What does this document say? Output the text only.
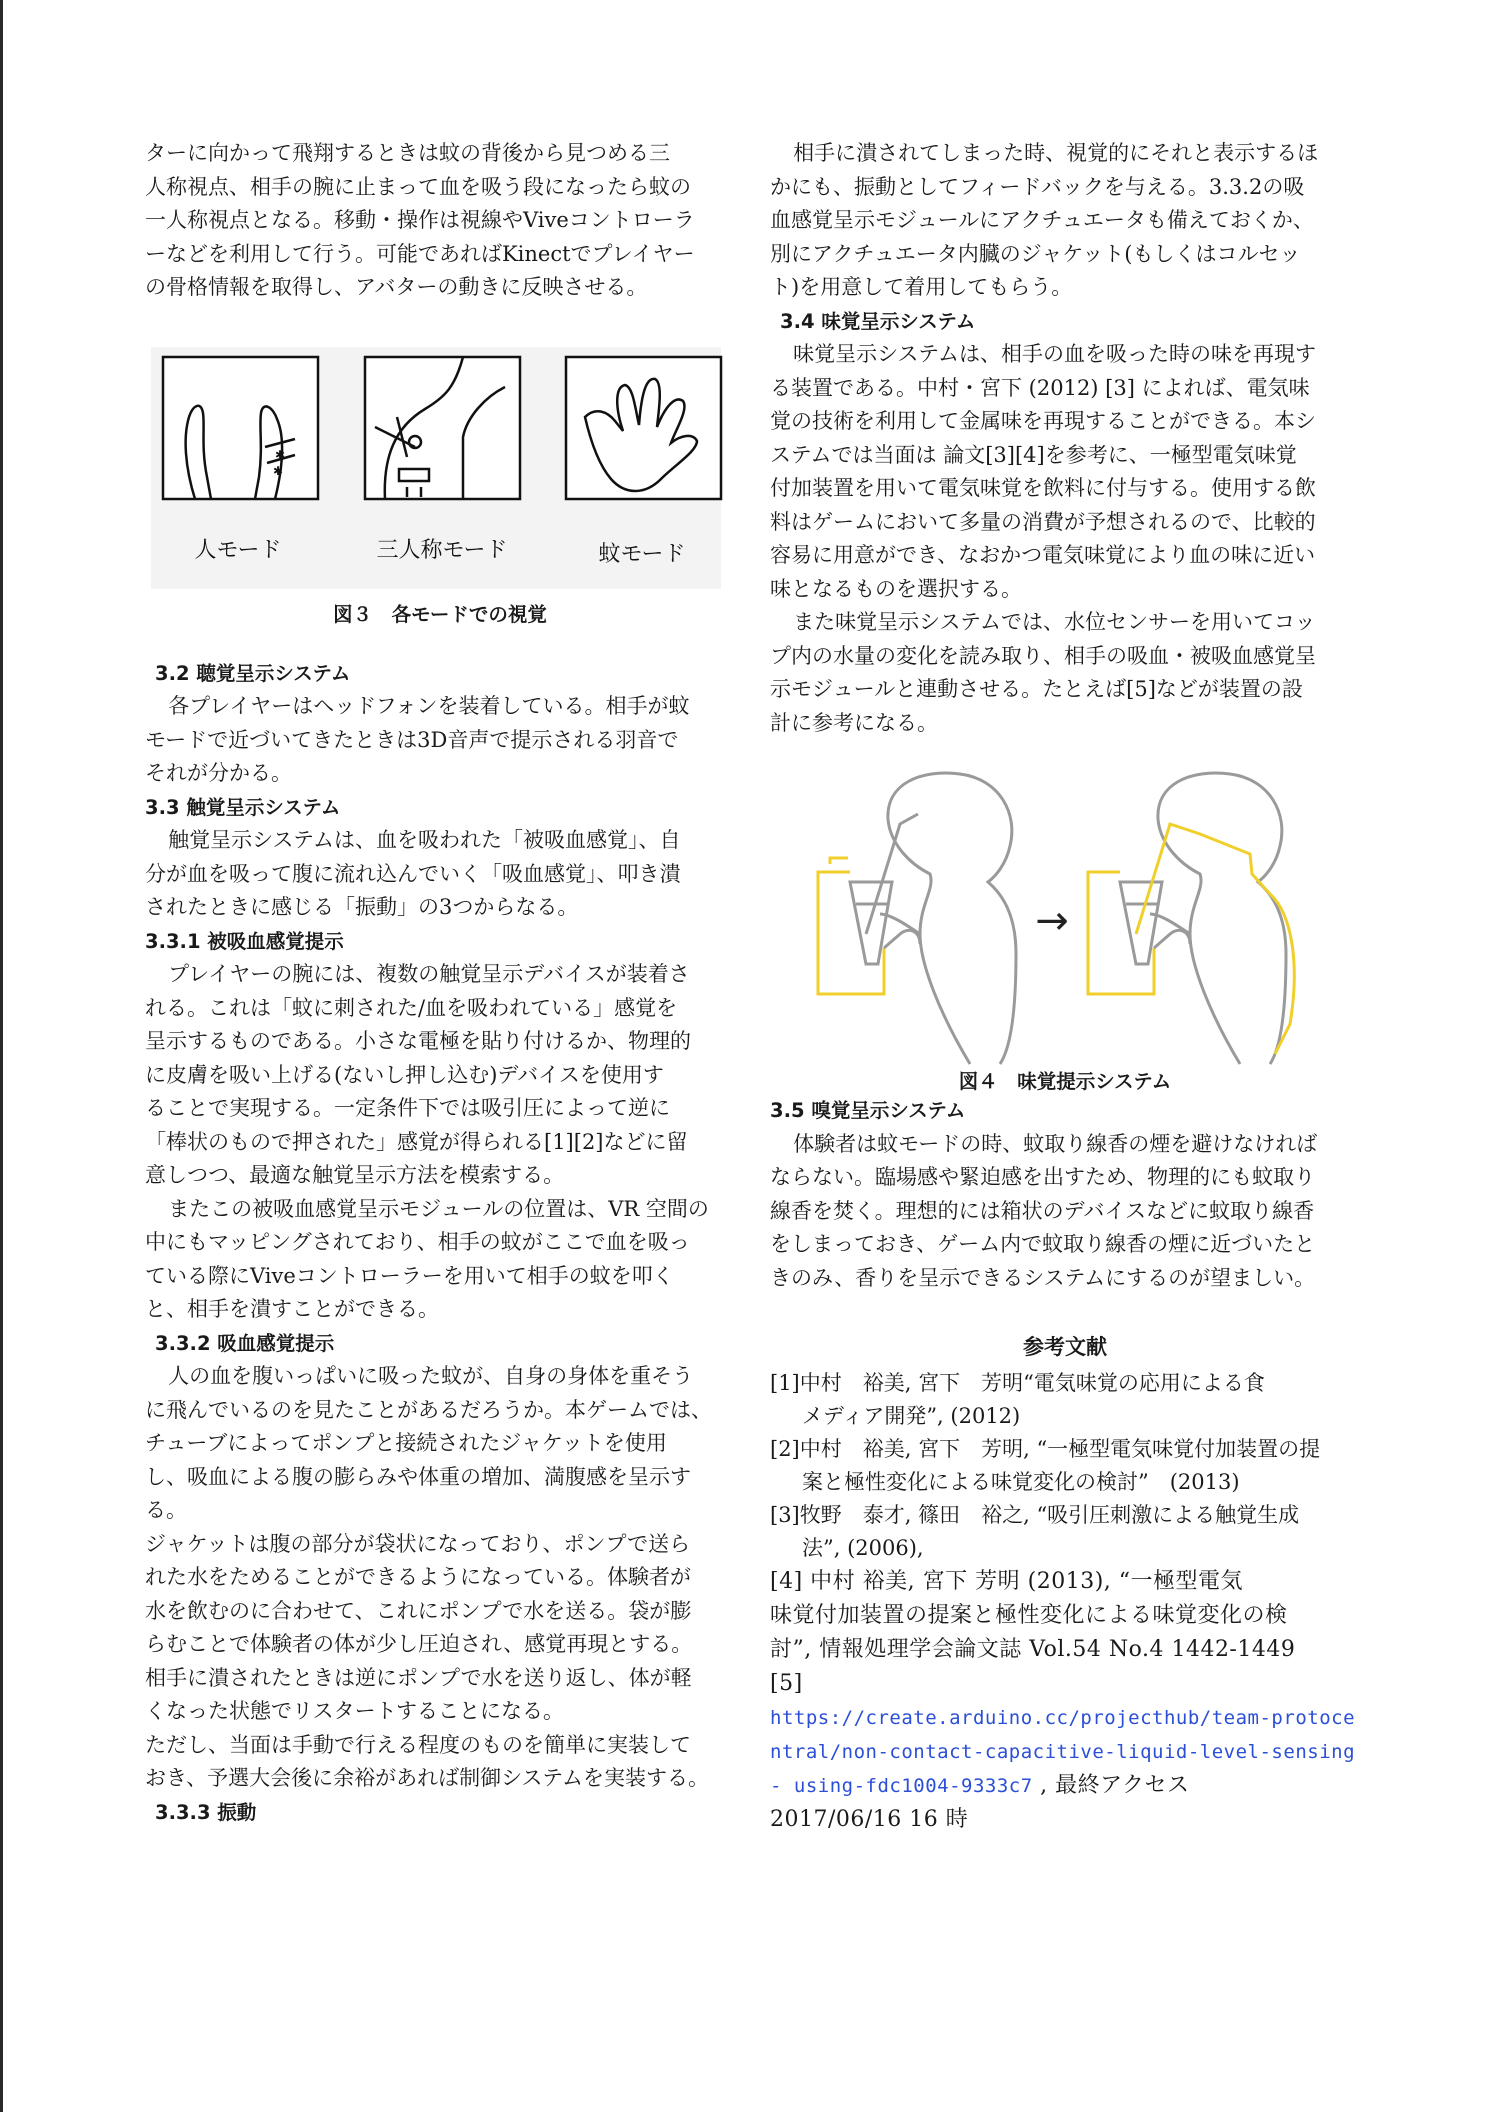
ターに向かって飛翔するときは蚊の背後から見つめる三

人称視点、相手の腕に止まって血を吸う段になったら蚊の

一人称視点となる。移動・操作は視線やViveコントローラ

ーなどを利用して行う。可能であればKinectでプレイヤー

の骨格情報を取得し、アバターの動きに反映させる。

✱
✱
人モード	三人称モード	蚊モード

図３　各モードでの視覚

3.2 聴覚呈示システム

各プレイヤーはヘッドフォンを装着している。相手が蚊

モードで近づいてきたときは3D音声で提示される羽音で

それが分かる。

3.3 触覚呈示システム

触覚呈示システムは、血を吸われた「被吸血感覚」、自

分が血を吸って腹に流れ込んでいく「吸血感覚」、叩き潰

されたときに感じる「振動」の3つからなる。

3.3.1 被吸血感覚提示

プレイヤーの腕には、複数の触覚呈示デバイスが装着さ

れる。これは「蚊に刺された/血を吸われている」感覚を

呈示するものである。小さな電極を貼り付けるか、物理的

に皮膚を吸い上げる(ないし押し込む)デバイスを使用す

ることで実現する。一定条件下では吸引圧によって逆に

「棒状のもので押された」感覚が得られる[1][2]などに留

意しつつ、最適な触覚呈示方法を模索する。

またこの被吸血感覚呈示モジュールの位置は、VR 空間の

中にもマッピングされており、相手の蚊がここで血を吸っ

ている際にViveコントローラーを用いて相手の蚊を叩く

と、相手を潰すことができる。

3.3.2 吸血感覚提示

人の血を腹いっぱいに吸った蚊が、自身の身体を重そう

に飛んでいるのを見たことがあるだろうか。本ゲームでは、

チューブによってポンプと接続されたジャケットを使用

し、吸血による腹の膨らみや体重の増加、満腹感を呈示す

る。

ジャケットは腹の部分が袋状になっており、ポンプで送ら

れた水をためることができるようになっている。体験者が

水を飲むのに合わせて、これにポンプで水を送る。袋が膨

らむことで体験者の体が少し圧迫され、感覚再現とする。

相手に潰されたときは逆にポンプで水を送り返し、体が軽

くなった状態でリスタートすることになる。

ただし、当面は手動で行える程度のものを簡単に実装して

おき、予選大会後に余裕があれば制御システムを実装する。

3.3.3 振動

相手に潰されてしまった時、視覚的にそれと表示するほ

かにも、振動としてフィードバックを与える。3.3.2の吸

血感覚呈示モジュールにアクチュエータも備えておくか、

別にアクチュエータ内臓のジャケット(もしくはコルセッ

ト)を用意して着用してもらう。

3.4 味覚呈示システム

味覚呈示システムは、相手の血を吸った時の味を再現す

る装置である。中村・宮下 (2012) [3] によれば、電気味

覚の技術を利用して金属味を再現することができる。本シ

ステムでは当面は 論文[3][4]を参考に、一極型電気味覚

付加装置を用いて電気味覚を飲料に付与する。使用する飲

料はゲームにおいて多量の消費が予想されるので、比較的

容易に用意ができ、なおかつ電気味覚により血の味に近い

味となるものを選択する。

また味覚呈示システムでは、水位センサーを用いてコッ

プ内の水量の変化を読み取り、相手の吸血・被吸血感覚呈

示モジュールと連動させる。たとえば[5]などが装置の設

計に参考になる。

→

図４　味覚提示システム

3.5 嗅覚呈示システム

体験者は蚊モードの時、蚊取り線香の煙を避けなければ

ならない。臨場感や緊迫感を出すため、物理的にも蚊取り

線香を焚く。理想的には箱状のデバイスなどに蚊取り線香

をしまっておき、ゲーム内で蚊取り線香の煙に近づいたと

きのみ、香りを呈示できるシステムにするのが望ましい。

参考文献

[1]中村　裕美, 宮下　芳明“電気味覚の応用による食
メディア開発”, (2012)

[2]中村　裕美, 宮下　芳明, “一極型電気味覚付加装置の提
案と極性変化による味覚変化の検討”　(2013)

[3]牧野　泰才, 篠田　裕之, “吸引圧刺激による触覚生成
法”, (2006),

[4] 中村 裕美, 宮下 芳明 (2013), “一極型電気
味覚付加装置の提案と極性変化による味覚変化の検
討”, 情報処理学会論文誌 Vol.54 No.4 1442-1449

[5]
https://create.arduino.cc/projecthub/team-protocentral/non-contact-capacitive-liquid-level-sensing- using-fdc1004-9333c7 , 最終アクセス
2017/06/16 16 時
